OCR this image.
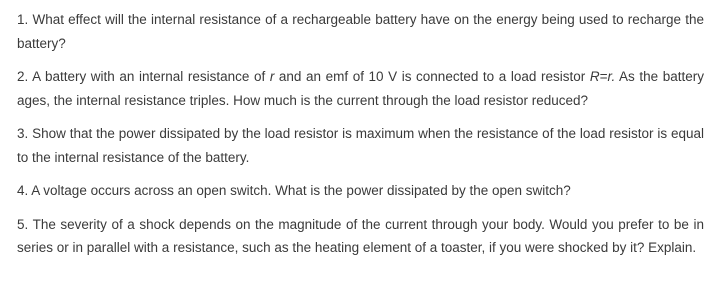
1. What effect will the internal resistance of a rechargeable battery have on the energy being used to recharge the battery?

2. A battery with an internal resistance of r and an emf of 10 V is connected to a load resistor R=r. As the battery ages, the internal resistance triples. How much is the current through the load resistor reduced?

3. Show that the power dissipated by the load resistor is maximum when the resistance of the load resistor is equal to the internal resistance of the battery.

4. A voltage occurs across an open switch. What is the power dissipated by the open switch?

5. The severity of a shock depends on the magnitude of the current through your body. Would you prefer to be in series or in parallel with a resistance, such as the heating element of a toaster, if you were shocked by it? Explain.
